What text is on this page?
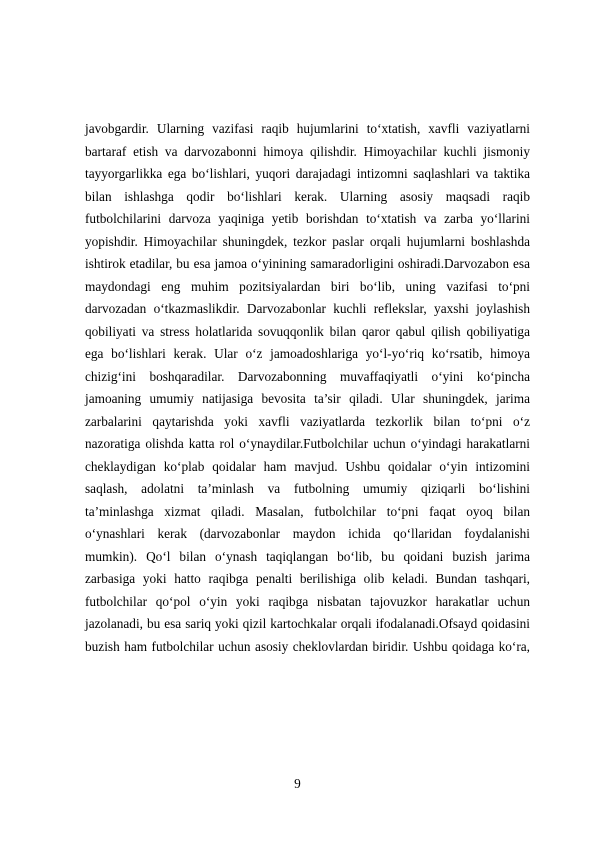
javobgardir. Ularning vazifasi raqib hujumlarini to‘xtatish, xavfli vaziyatlarni
bartaraf etish va darvozabonni himoya qilishdir. Himoyachilar kuchli jismoniy
tayyorgarlikka ega bo‘lishlari, yuqori darajadagi intizomni saqlashlari va taktika
bilan ishlashga qodir bo‘lishlari kerak. Ularning asosiy maqsadi raqib
futbolchilarini darvoza yaqiniga yetib borishdan to‘xtatish va zarba yo‘llarini
yopishdir. Himoyachilar shuningdek, tezkor paslar orqali hujumlarni boshlashda
ishtirok etadilar, bu esa jamoa o‘yinining samaradorligini oshiradi.Darvozabon esa
maydondagi eng muhim pozitsiyalardan biri bo‘lib, uning vazifasi to‘pni
darvozadan o‘tkazmaslikdir. Darvozabonlar kuchli reflekslar, yaxshi joylashish
qobiliyati va stress holatlarida sovuqqonlik bilan qaror qabul qilish qobiliyatiga
ega bo‘lishlari kerak. Ular o‘z jamoadoshlariga yo‘l-yo‘riq ko‘rsatib, himoya
chizig‘ini boshqaradilar. Darvozabonning muvaffaqiyatli o‘yini ko‘pincha
jamoaning umumiy natijasiga bevosita ta’sir qiladi. Ular shuningdek, jarima
zarbalarini qaytarishda yoki xavfli vaziyatlarda tezkorlik bilan to‘pni o‘z
nazoratiga olishda katta rol o‘ynaydilar.Futbolchilar uchun o‘yindagi harakatlarni
cheklaydigan ko‘plab qoidalar ham mavjud. Ushbu qoidalar o‘yin intizomini
saqlash, adolatni ta’minlash va futbolning umumiy qiziqarli bo‘lishini
ta’minlashga xizmat qiladi. Masalan, futbolchilar to‘pni faqat oyoq bilan
o‘ynashlari kerak (darvozabonlar maydon ichida qo‘llaridan foydalanishi
mumkin). Qo‘l bilan o‘ynash taqiqlangan bo‘lib, bu qoidani buzish jarima
zarbasiga yoki hatto raqibga penalti berilishiga olib keladi. Bundan tashqari,
futbolchilar qo‘pol o‘yin yoki raqibga nisbatan tajovuzkor harakatlar uchun
jazolanadi, bu esa sariq yoki qizil kartochkalar orqali ifodalanadi.Ofsayd qoidasini
buzish ham futbolchilar uchun asosiy cheklovlardan biridir. Ushbu qoidaga ko‘ra,
9
